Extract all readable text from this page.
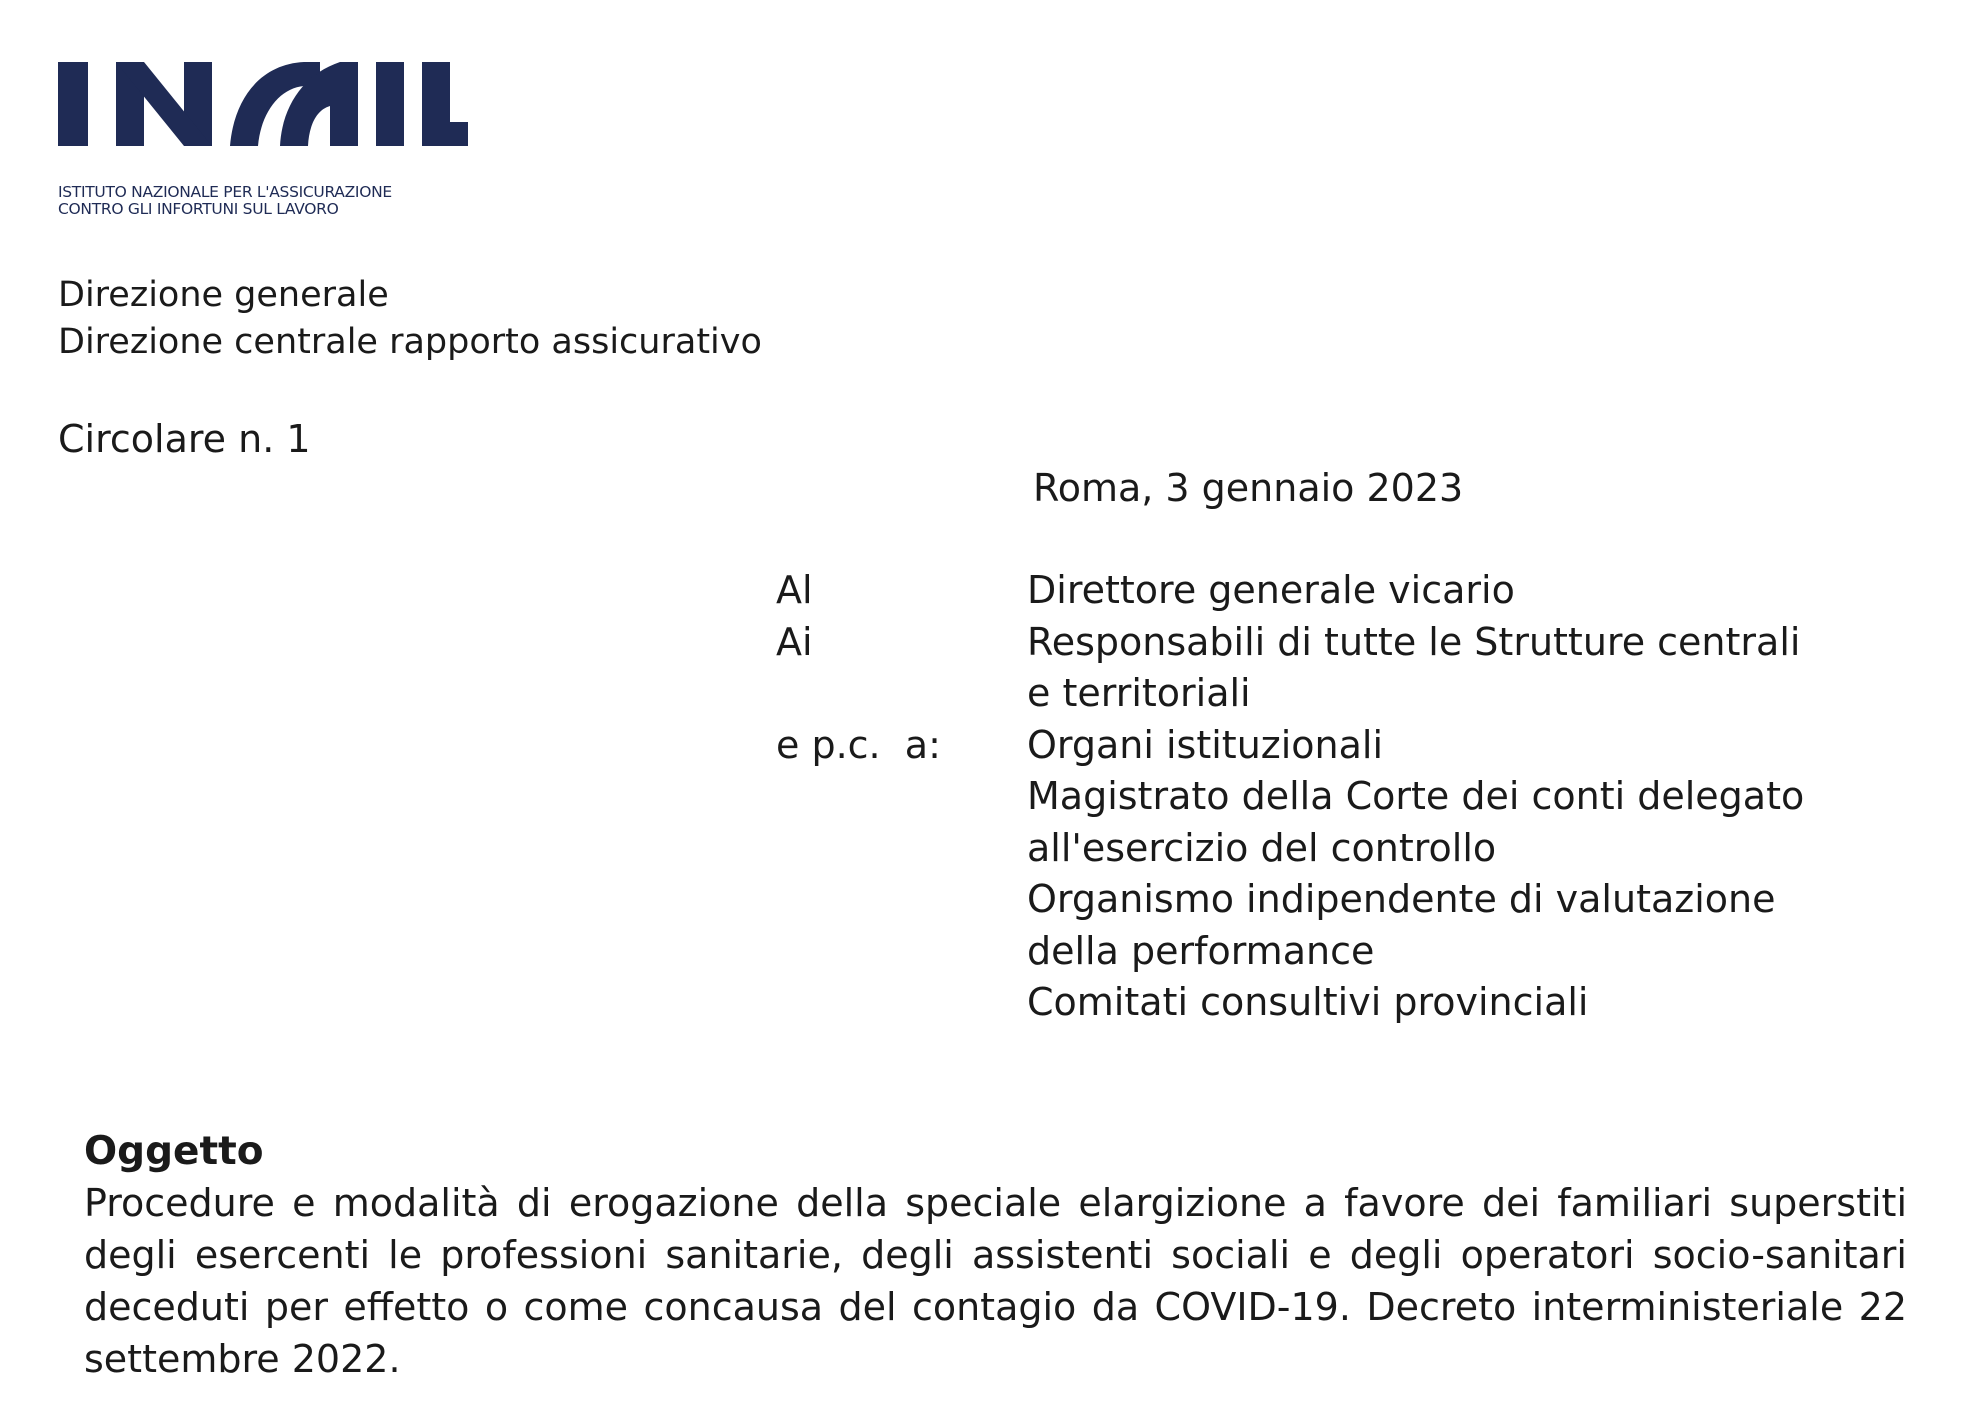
ISTITUTO NAZIONALE PER L'ASSICURAZIONE
CONTRO GLI INFORTUNI SUL LAVORO
Direzione generale
Direzione centrale rapporto assicurativo
Circolare n. 1
Roma, 3 gennaio 2023
Al	Direttore generale vicario
Ai	Responsabili di tutte le Strutture centrali
e territoriali
e p.c.  a:	Organi istituzionali
Magistrato della Corte dei conti delegato
all'esercizio del controllo
Organismo indipendente di valutazione
della performance
Comitati consultivi provinciali
Oggetto
Procedure e modalità di erogazione della speciale elargizione a favore dei familiari superstiti degli esercenti le professioni sanitarie, degli assistenti sociali e degli operatori socio-sanitari deceduti per effetto o come concausa del contagio da COVID-19. Decreto interministeriale 22 settembre 2022.
